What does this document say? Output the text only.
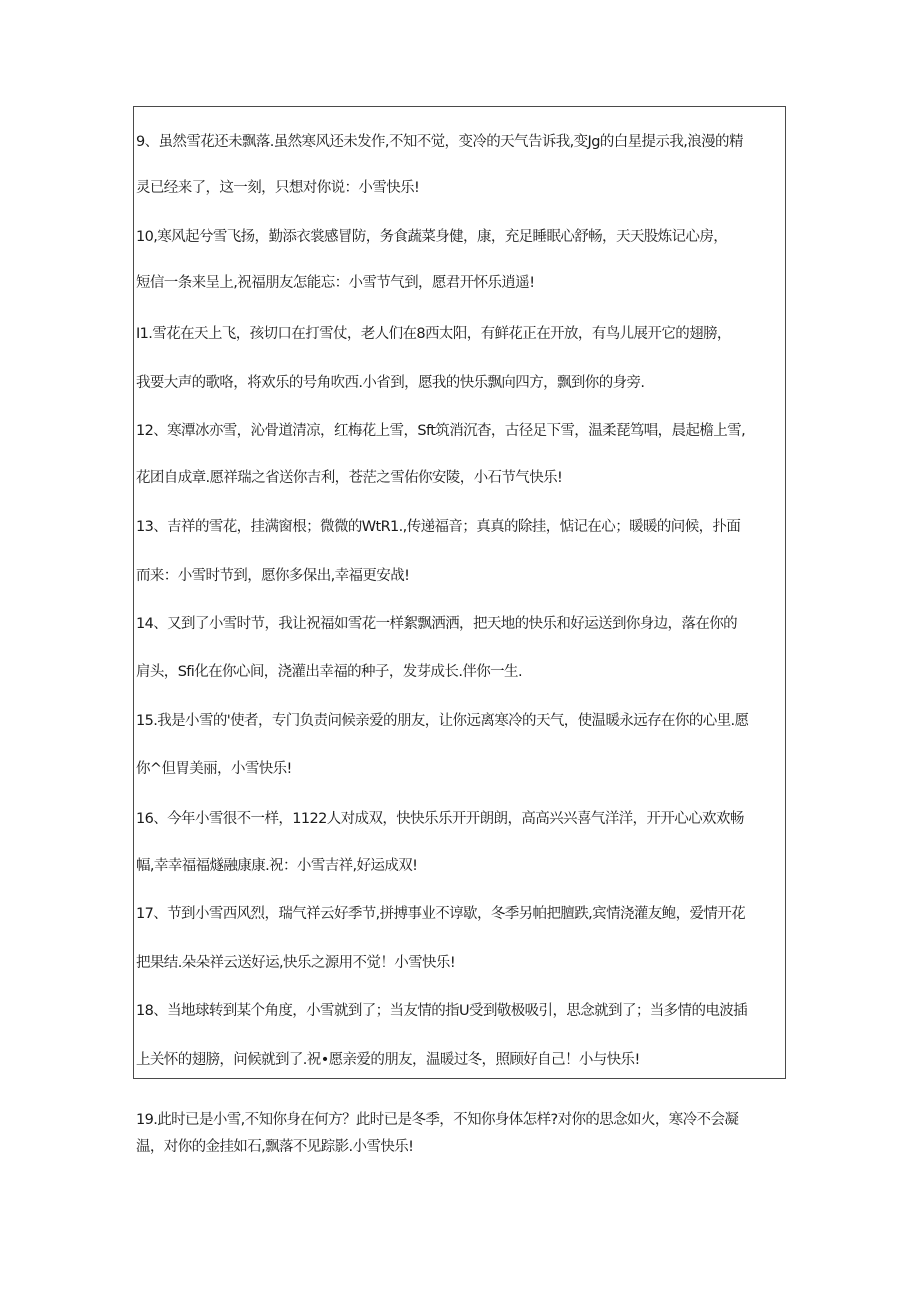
9、虽然雪花还未飘落.虽然寒风还未发作,不知不觉，变冷的天气告诉我,变Jg的白星提示我,浪漫的精
灵已经来了，这一刻，只想对你说：小雪快乐!
10,寒风起兮雪飞扬，勤添衣裳感冒防，务食蔬菜身健，康，充足睡眠心舒畅，天天股炼记心房，
短信一条来呈上,祝福朋友怎能忘：小雪节气到，愿君开怀乐逍遥!
I1.雪花在天上飞，孩切口在打雪仗，老人们在8西太阳，有鲜花正在开放，有鸟儿展开它的翅膀，
我要大声的歌咯，将欢乐的号角吹西.小省到，愿我的快乐飘向四方，飘到你的身旁.
12、寒潭冰亦雪，沁骨道清凉，红梅花上雪，Sft筑消沉杳，古径足下雪，温柔琵笃唱，晨起檐上雪,
花团自成章.愿祥瑞之省送你吉利，苍茫之雪佑你安陵，小石节气快乐!
13、吉祥的雪花，挂满窗根；微微的WtR1.,传递福音；真真的除挂，惦记在心；暖暖的问候，扑面
而来：小雪时节到，愿你多保出,幸福更安战!
14、又到了小雪时节，我让祝福如雪花一样絮飘洒洒，把天地的快乐和好运送到你身边，落在你的
肩头，Sfi化在你心间，浇灌出幸福的种子，发芽成长.伴你一生.
15.我是小雪的'使者，专门负责问候亲爱的朋友，让你远离寒冷的天气，使温暖永远存在你的心里.愿
你^但胃美丽，小雪快乐!
16、今年小雪很不一样，1122人对成双，快快乐乐开开朗朗，高高兴兴喜气洋洋，开开心心欢欢畅
幅,幸幸福福燧融康康.祝：小雪吉祥,好运成双!
17、节到小雪西风烈，瑞气祥云好季节,拼搏事业不谆歇，冬季另帕把膻跌,宾情浇灌友鲍，爱情开花
把果结.朵朵祥云送好运,快乐之源用不觉！小雪快乐!
18、当地球转到某个角度，小雪就到了；当友情的指U受到敬极吸引，思念就到了；当多情的电波插
上关怀的翅膀，问候就到了.祝•愿亲爱的朋友，温暖过冬，照顾好自己！小与快乐!
19.此时已是小雪,不知你身在何方？此时已是冬季，不知你身体怎样?对你的思念如火，寒冷不会凝
温，对你的金挂如石,飘落不见踪影.小雪快乐!
